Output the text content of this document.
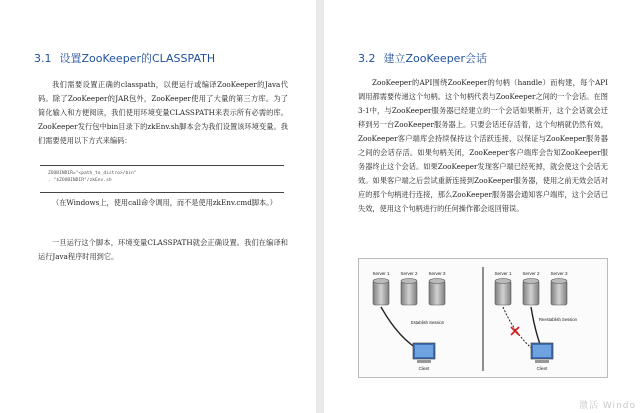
3.1 设置ZooKeeper的CLASSPATH

我们需要设置正确的classpath，以便运行或编译ZooKeeper的Java代码。除了ZooKeeper的JAR包外，ZooKeeper使用了大量的第三方库。为了简化输入和方便阅读，我们使用环境变量CLASSPATH来表示所有必需的库。ZooKeeper发行包中bin目录下的zkEnv.sh脚本会为我们设置该环境变量。我们需要使用以下方式来编码：

ZOOBINDIR="<path_to_distro>/bin"
. "$ZOOBINDIR"/zkEnv.sh

（在Windows上，使用call命令调用，而不是使用zkEnv.cmd脚本。）

一旦运行这个脚本，环境变量CLASSPATH就会正确设置。我们在编译和运行Java程序时用到它。

3.2 建立ZooKeeper会话

ZooKeeper的API围绕ZooKeeper的句柄（handle）而构建，每个API调用都需要传递这个句柄。这个句柄代表与ZooKeeper之间的一个会话。在图3-1中，与ZooKeeper服务器已经建立的一个会话如果断开，这个会话就会迁移到另一台ZooKeeper服务器上。只要会话还存活着，这个句柄就仍然有效，ZooKeeper客户端库会持续保持这个活跃连接，以保证与ZooKeeper服务器之间的会话存活。如果句柄关闭，ZooKeeper客户端库会告知ZooKeeper服务器终止这个会话。如果ZooKeeper发现客户端已经死掉，就会使这个会话无效。如果客户端之后尝试重新连接到ZooKeeper服务器，使用之前无效会话对应的那个句柄进行连接，那么ZooKeeper服务器会通知客户端库，这个会话已失效，使用这个句柄进行的任何操作都会返回错误。

Server 1 Server 2 Server 3
Establish Session
Client
Server 1 Server 2 Server 3
Reestablish Session
Client
激活 Windo
